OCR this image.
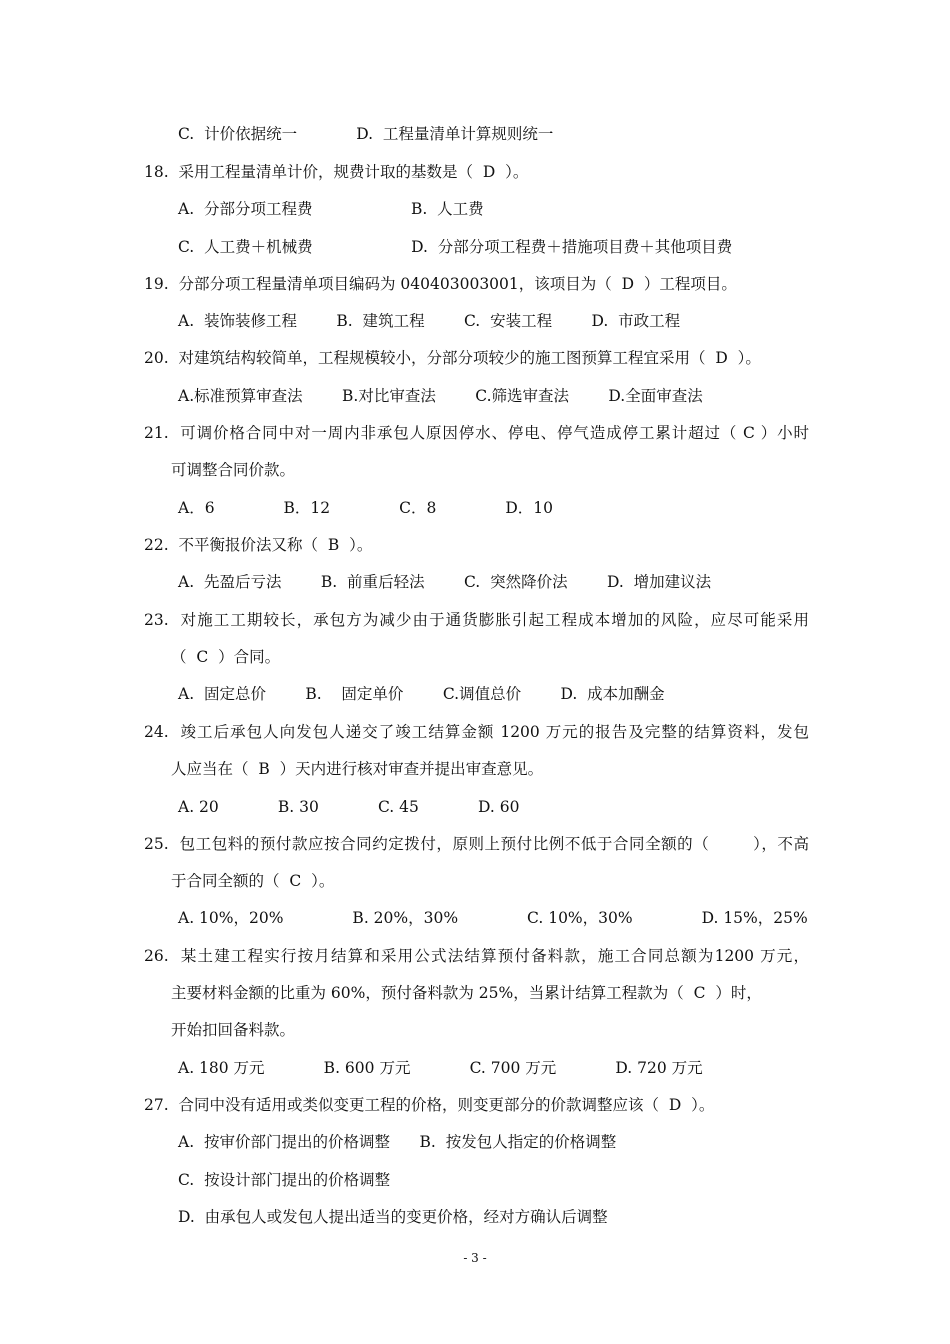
C.  计价依据统一            D.  工程量清单计算规则统一
18.  采用工程量清单计价，规费计取的基数是（  D  ）。
A.  分部分项工程费                    B.  人工费
C.  人工费＋机械费                    D.  分部分项工程费＋措施项目费＋其他项目费
19.  分部分项工程量清单项目编码为 040403003001，该项目为（  D  ）工程项目。
A.  装饰装修工程        B.  建筑工程        C.  安装工程        D.  市政工程
20.  对建筑结构较简单，工程规模较小，分部分项较少的施工图预算工程宜采用（  D  ）。
A.标准预算审查法        B.对比审查法        C.筛选审查法        D.全面审查法
21.  可调价格合同中对一周内非承包人原因停水、停电、停气造成停工累计超过（ C ）小时
可调整合同价款。
A．6              B．12              C．8              D．10
22.  不平衡报价法又称（  B  ）。
A.  先盈后亏法        B.  前重后轻法        C.  突然降价法        D.  增加建议法
23.  对施工工期较长，承包方为减少由于通货膨胀引起工程成本增加的风险，应尽可能采用
（  C  ）合同。
A.  固定总价        B.    固定单价        C.调值总价        D.  成本加酬金
24.  竣工后承包人向发包人递交了竣工结算金额 1200 万元的报告及完整的结算资料，发包
人应当在（  B  ）天内进行核对审查并提出审查意见。
A. 20            B. 30            C. 45            D. 60
25.  包工包料的预付款应按合同约定拨付，原则上预付比例不低于合同全额的（        ），不高
于合同全额的（  C  ）。
A. 10%，20%              B. 20%，30%              C. 10%，30%              D. 15%，25%
26.  某土建工程实行按月结算和采用公式法结算预付备料款，施工合同总额为1200 万元，
主要材料金额的比重为 60%，预付备料款为 25%，当累计结算工程款为（  C  ）时，
开始扣回备料款。
A. 180 万元            B. 600 万元            C. 700 万元            D. 720 万元
27.  合同中没有适用或类似变更工程的价格，则变更部分的价款调整应该（  D  ）。
A.  按审价部门提出的价格调整      B.  按发包人指定的价格调整
C.  按设计部门提出的价格调整
D.  由承包人或发包人提出适当的变更价格，经对方确认后调整
- 3 -
